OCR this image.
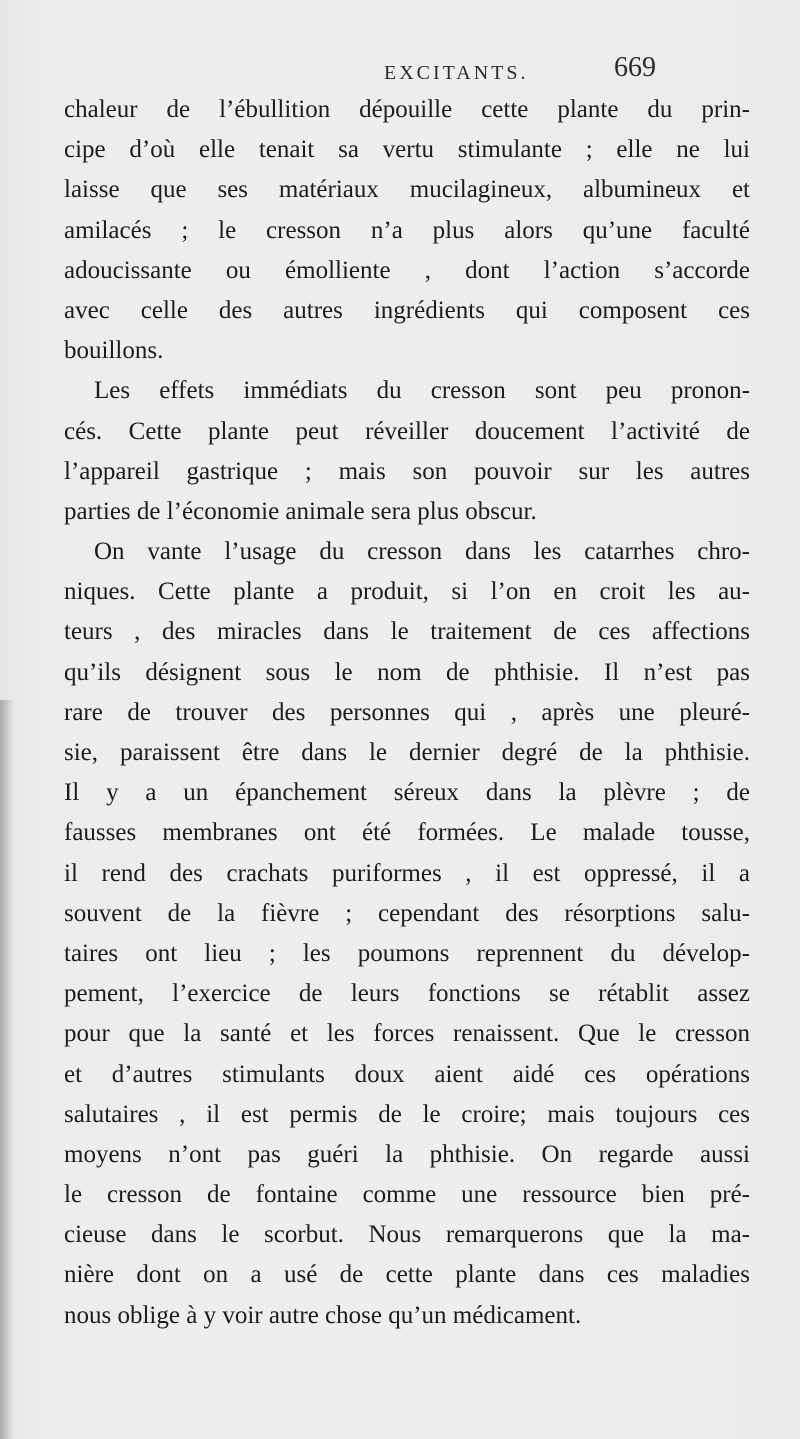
EXCITANTS.	669
chaleur de l’ébullition dépouille cette plante du prin-
cipe d’où elle tenait sa vertu stimulante ; elle ne lui
laisse que ses matériaux mucilagineux, albumineux et
amilacés ; le cresson n’a plus alors qu’une faculté
adoucissante ou émolliente , dont l’action s’accorde
avec celle des autres ingrédients qui composent ces
bouillons.
Les effets immédiats du cresson sont peu pronon-
cés. Cette plante peut réveiller doucement l’activité de
l’appareil gastrique ; mais son pouvoir sur les autres
parties de l’économie animale sera plus obscur.
On vante l’usage du cresson dans les catarrhes chro-
niques. Cette plante a produit, si l’on en croit les au-
teurs , des miracles dans le traitement de ces affections
qu’ils désignent sous le nom de phthisie. Il n’est pas
rare de trouver des personnes qui , après une pleuré-
sie, paraissent être dans le dernier degré de la phthisie.
Il y a un épanchement séreux dans la plèvre ; de
fausses membranes ont été formées. Le malade tousse,
il rend des crachats puriformes , il est oppressé, il a
souvent de la fièvre ; cependant des résorptions salu-
taires ont lieu ; les poumons reprennent du dévelop-
pement, l’exercice de leurs fonctions se rétablit assez
pour que la santé et les forces renaissent. Que le cresson
et d’autres stimulants doux aient aidé ces opérations
salutaires , il est permis de le croire; mais toujours ces
moyens n’ont pas guéri la phthisie. On regarde aussi
le cresson de fontaine comme une ressource bien pré-
cieuse dans le scorbut. Nous remarquerons que la ma-
nière dont on a usé de cette plante dans ces maladies
nous oblige à y voir autre chose qu’un médicament.
